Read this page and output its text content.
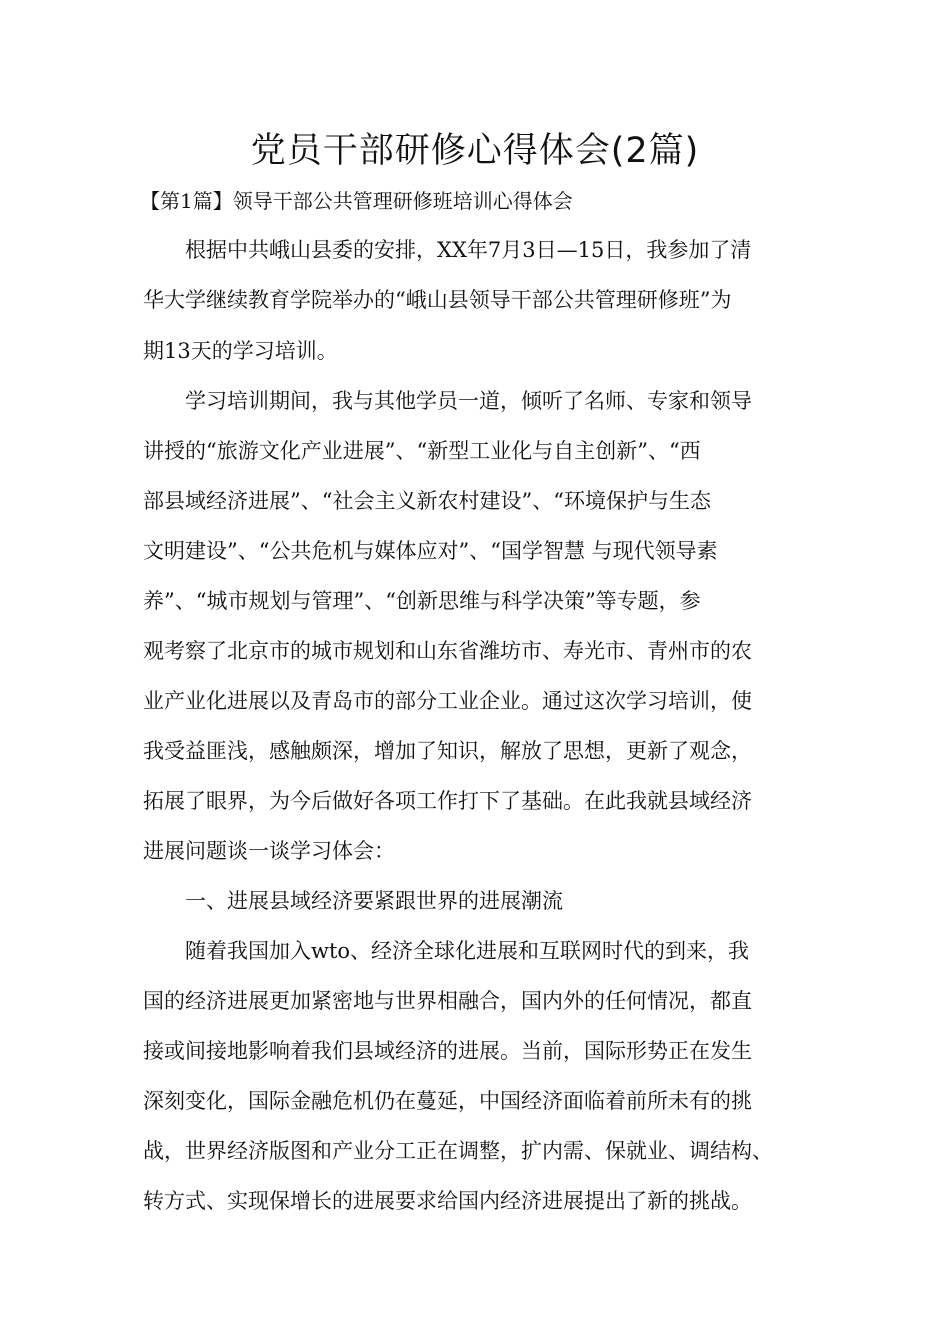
党员干部研修心得体会(2篇)

【第1篇】领导干部公共管理研修班培训心得体会

　　根据中共峨山县委的安排，XX年7月3日—15日，我参加了清

华大学继续教育学院举办的“峨山县领导干部公共管理研修班”为

期13天的学习培训。

　　学习培训期间，我与其他学员一道，倾听了名师、专家和领导

讲授的“旅游文化产业进展”、“新型工业化与自主创新”、“西

部县域经济进展”、“社会主义新农村建设”、“环境保护与生态

文明建设”、“公共危机与媒体应对”、“国学智慧 与现代领导素

养”、“城市规划与管理”、“创新思维与科学决策”等专题，参

观考察了北京市的城市规划和山东省潍坊市、寿光市、青州市的农

业产业化进展以及青岛市的部分工业企业。通过这次学习培训，使

我受益匪浅，感触颇深，增加了知识，解放了思想，更新了观念，

拓展了眼界，为今后做好各项工作打下了基础。在此我就县域经济

进展问题谈一谈学习体会：

　　一、进展县域经济要紧跟世界的进展潮流

　　随着我国加入wto、经济全球化进展和互联网时代的到来，我

国的经济进展更加紧密地与世界相融合，国内外的任何情况，都直

接或间接地影响着我们县域经济的进展。当前，国际形势正在发生

深刻变化，国际金融危机仍在蔓延，中国经济面临着前所未有的挑

战，世界经济版图和产业分工正在调整，扩内需、保就业、调结构、

转方式、实现保增长的进展要求给国内经济进展提出了新的挑战。
